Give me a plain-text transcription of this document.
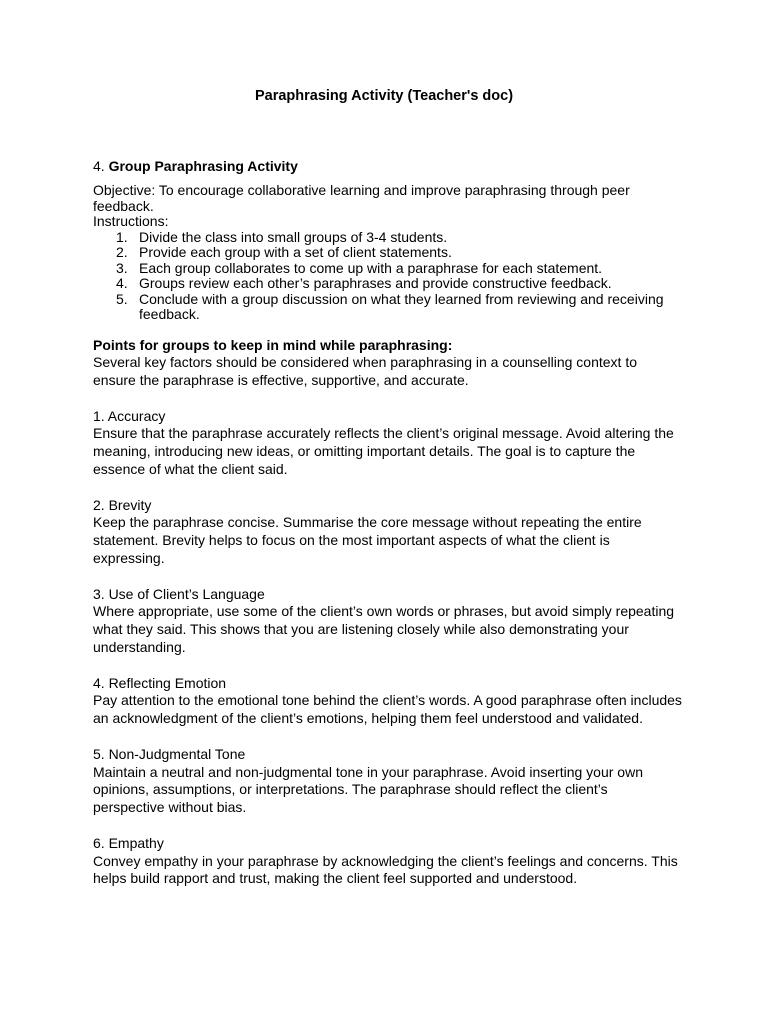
Paraphrasing Activity (Teacher's doc)

4. Group Paraphrasing Activity

Objective: To encourage collaborative learning and improve paraphrasing through peer feedback.

Instructions:

1. Divide the class into small groups of 3-4 students.
2. Provide each group with a set of client statements.
3. Each group collaborates to come up with a paraphrase for each statement.
4. Groups review each other’s paraphrases and provide constructive feedback.
5. Conclude with a group discussion on what they learned from reviewing and receiving feedback.

Points for groups to keep in mind while paraphrasing:

Several key factors should be considered when paraphrasing in a counselling context to ensure the paraphrase is effective, supportive, and accurate.

1. Accuracy

Ensure that the paraphrase accurately reflects the client’s original message. Avoid altering the meaning, introducing new ideas, or omitting important details. The goal is to capture the essence of what the client said.

2. Brevity

Keep the paraphrase concise. Summarise the core message without repeating the entire statement. Brevity helps to focus on the most important aspects of what the client is expressing.

3. Use of Client’s Language

Where appropriate, use some of the client’s own words or phrases, but avoid simply repeating what they said. This shows that you are listening closely while also demonstrating your understanding.

4. Reflecting Emotion

Pay attention to the emotional tone behind the client’s words. A good paraphrase often includes an acknowledgment of the client’s emotions, helping them feel understood and validated.

5. Non-Judgmental Tone

Maintain a neutral and non-judgmental tone in your paraphrase. Avoid inserting your own opinions, assumptions, or interpretations. The paraphrase should reflect the client’s perspective without bias.

6. Empathy

Convey empathy in your paraphrase by acknowledging the client’s feelings and concerns. This helps build rapport and trust, making the client feel supported and understood.
